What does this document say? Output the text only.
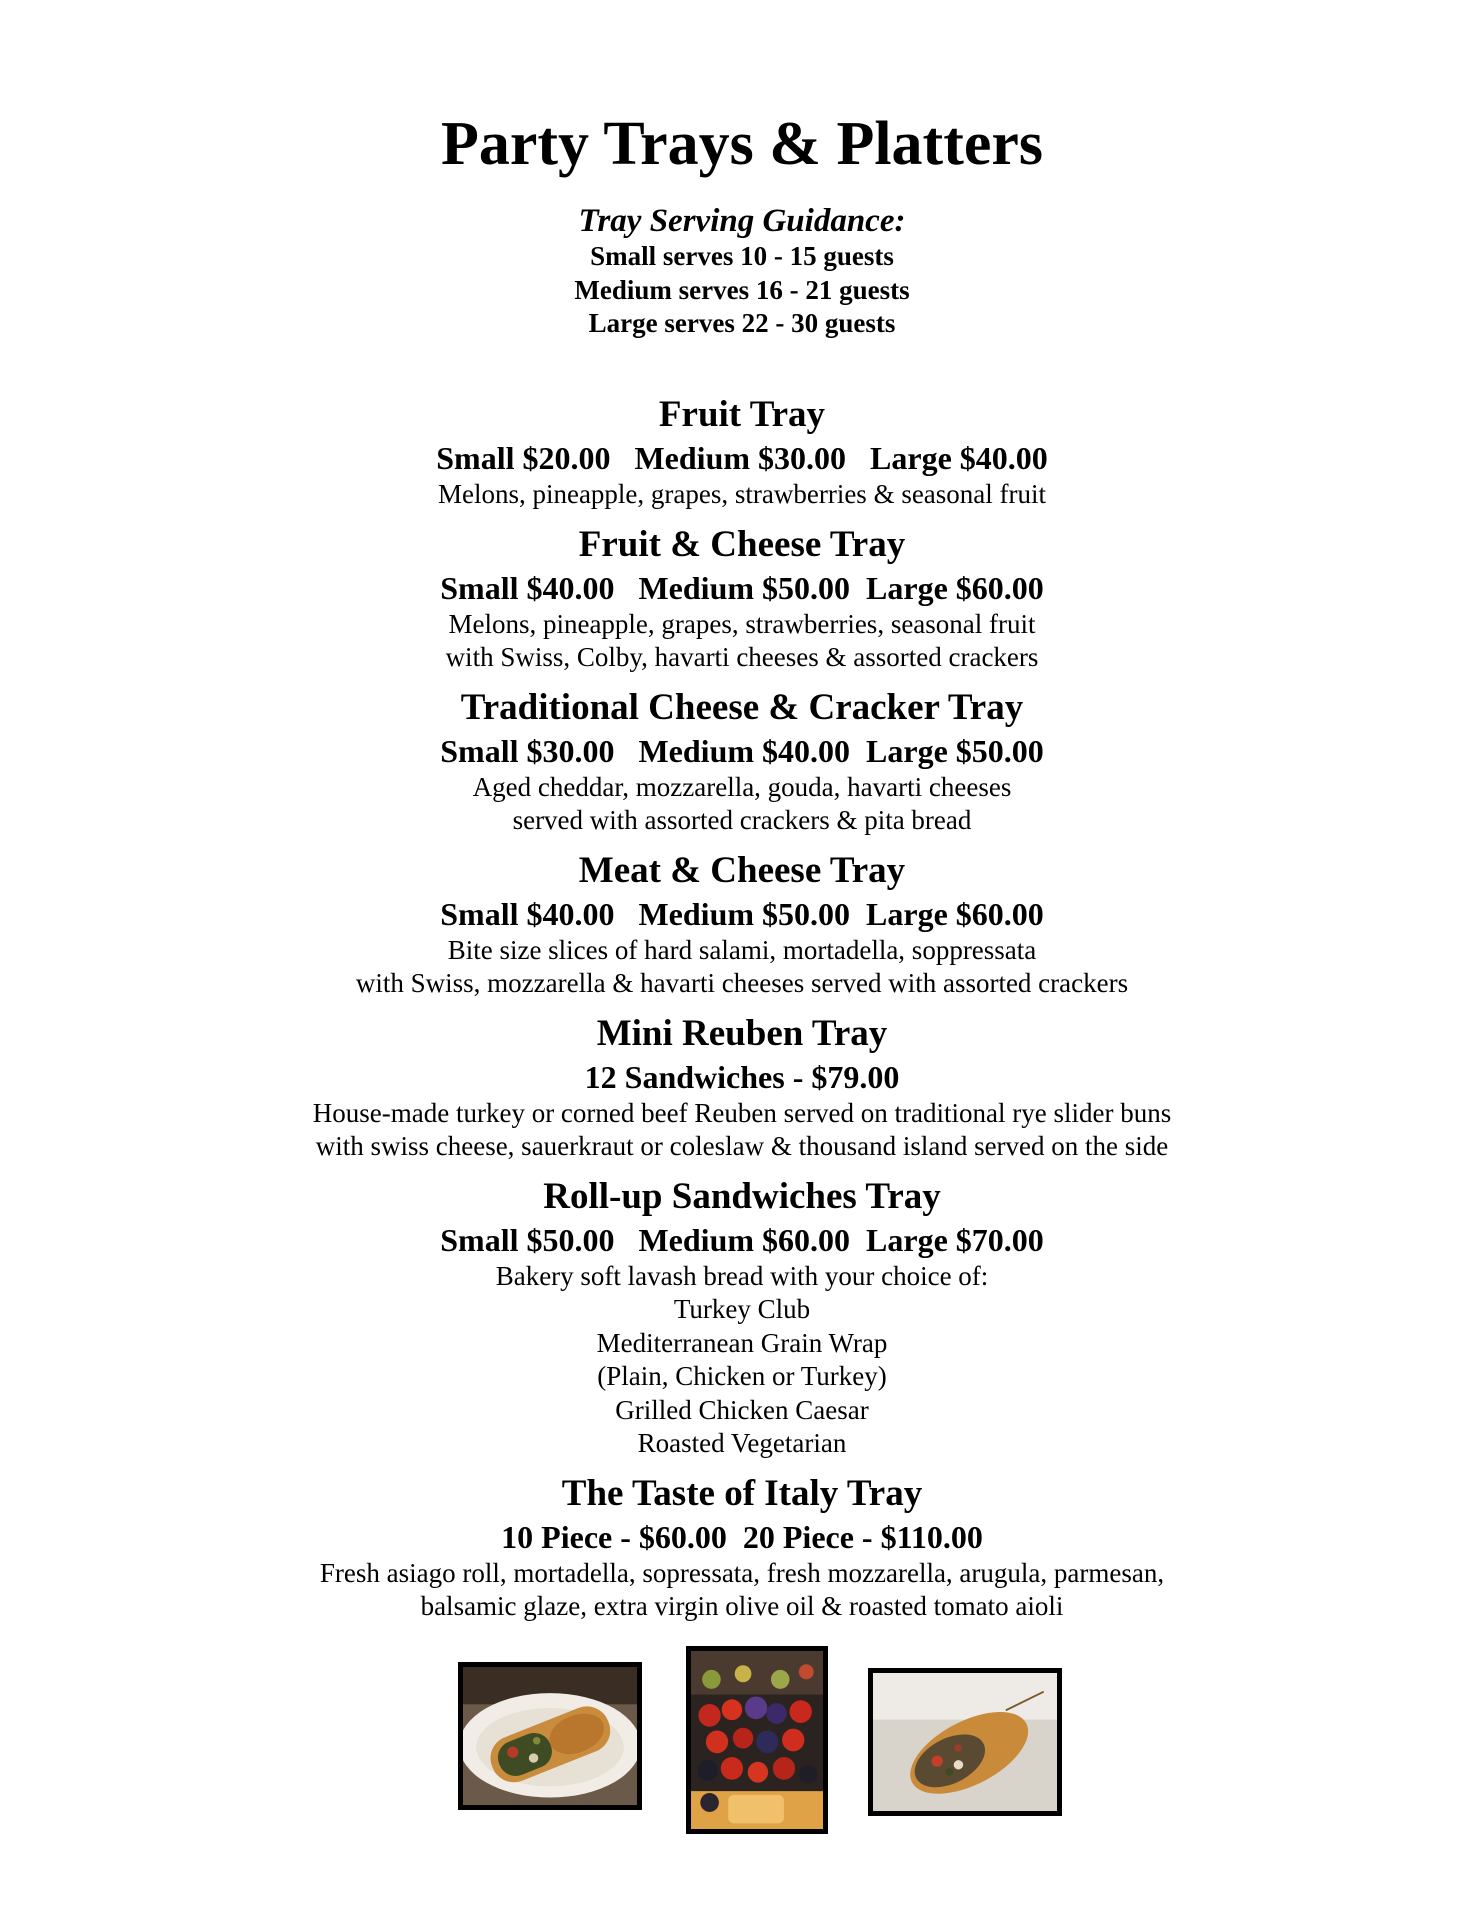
Party Trays & Platters
Tray Serving Guidance:
Small serves 10 - 15 guests
Medium serves 16 - 21 guests
Large serves 22 - 30 guests
Fruit Tray
Small $20.00   Medium $30.00   Large $40.00
Melons, pineapple, grapes, strawberries & seasonal fruit
Fruit & Cheese Tray
Small $40.00   Medium $50.00  Large $60.00
Melons, pineapple, grapes, strawberries, seasonal fruit
with Swiss, Colby, havarti cheeses & assorted crackers
Traditional Cheese & Cracker Tray
Small $30.00   Medium $40.00  Large $50.00
Aged cheddar, mozzarella, gouda, havarti cheeses
served with assorted crackers & pita bread
Meat & Cheese Tray
Small $40.00   Medium $50.00  Large $60.00
Bite size slices of hard salami, mortadella, soppressata
with Swiss, mozzarella & havarti cheeses served with assorted crackers
Mini Reuben Tray
12 Sandwiches - $79.00
House-made turkey or corned beef Reuben served on traditional rye slider buns
with swiss cheese, sauerkraut or coleslaw & thousand island served on the side
Roll-up Sandwiches Tray
Small $50.00   Medium $60.00  Large $70.00
Bakery soft lavash bread with your choice of:
Turkey Club
Mediterranean Grain Wrap
(Plain, Chicken or Turkey)
Grilled Chicken Caesar
Roasted Vegetarian
The Taste of Italy Tray
10 Piece - $60.00  20 Piece - $110.00
Fresh asiago roll, mortadella, sopressata, fresh mozzarella, arugula, parmesan,
balsamic glaze, extra virgin olive oil & roasted tomato aioli
